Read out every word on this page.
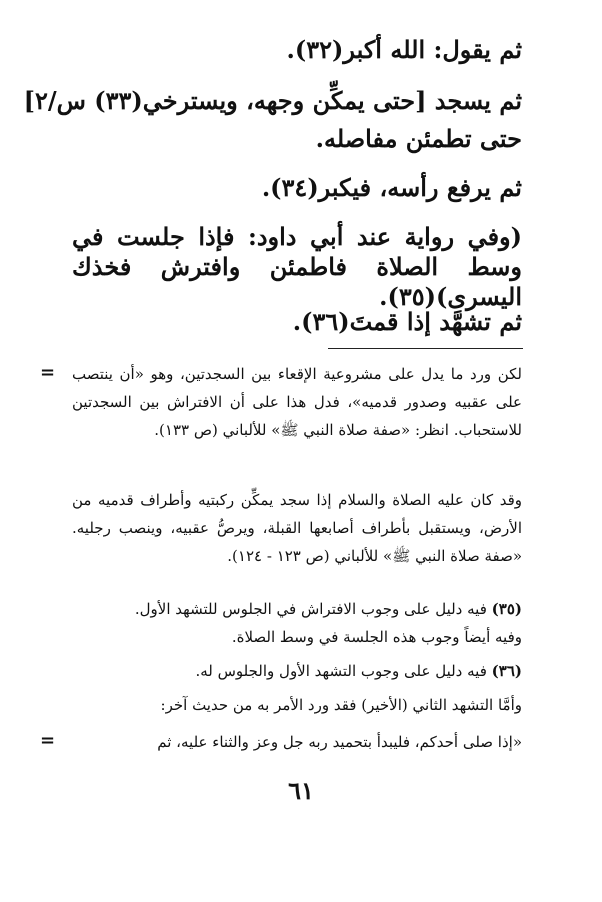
ثم يقول: الله أكبر(٣٢).
ثم يسجد [حتى يمكِّن وجهه، ويسترخي(٣٣) س/٢]
حتى تطمئن مفاصله.
ثم يرفع رأسه، فيكبر(٣٤).
(وفي رواية عند أبي داود: فإذا جلست في وسط الصلاة فاطمئن وافترش فخذك اليسرى)(٣٥).
ثم تشهَّد إذا قمتَ(٣٦).
= لكن ورد ما يدل على مشروعية الإقعاء بين السجدتين، وهو «أن ينتصب على عقبيه وصدور قدميه»، فدل هذا على أن الافتراش بين السجدتين للاستحباب. انظر: «صفة صلاة النبي ﷺ» للألباني (ص ١٣٣).
وقد كان عليه الصلاة والسلام إذا سجد يمكِّن ركبتيه وأطراف قدميه من الأرض، ويستقبل بأطراف أصابعها القبلة، ويرصُّ عقبيه، وينصب رجليه. «صفة صلاة النبي ﷺ» للألباني (ص ١٢٣ - ١٢٤).
(٣٥) فيه دليل على وجوب الافتراش في الجلوس للتشهد الأول.
وفيه أيضاً وجوب هذه الجلسة في وسط الصلاة.
(٣٦) فيه دليل على وجوب التشهد الأول والجلوس له.
وأمَّا التشهد الثاني (الأخير) فقد ورد الأمر به من حديث آخر:
«إذا صلى أحدكم، فليبدأ بتحميد ربه جل وعز والثناء عليه، ثم
=
٦١
